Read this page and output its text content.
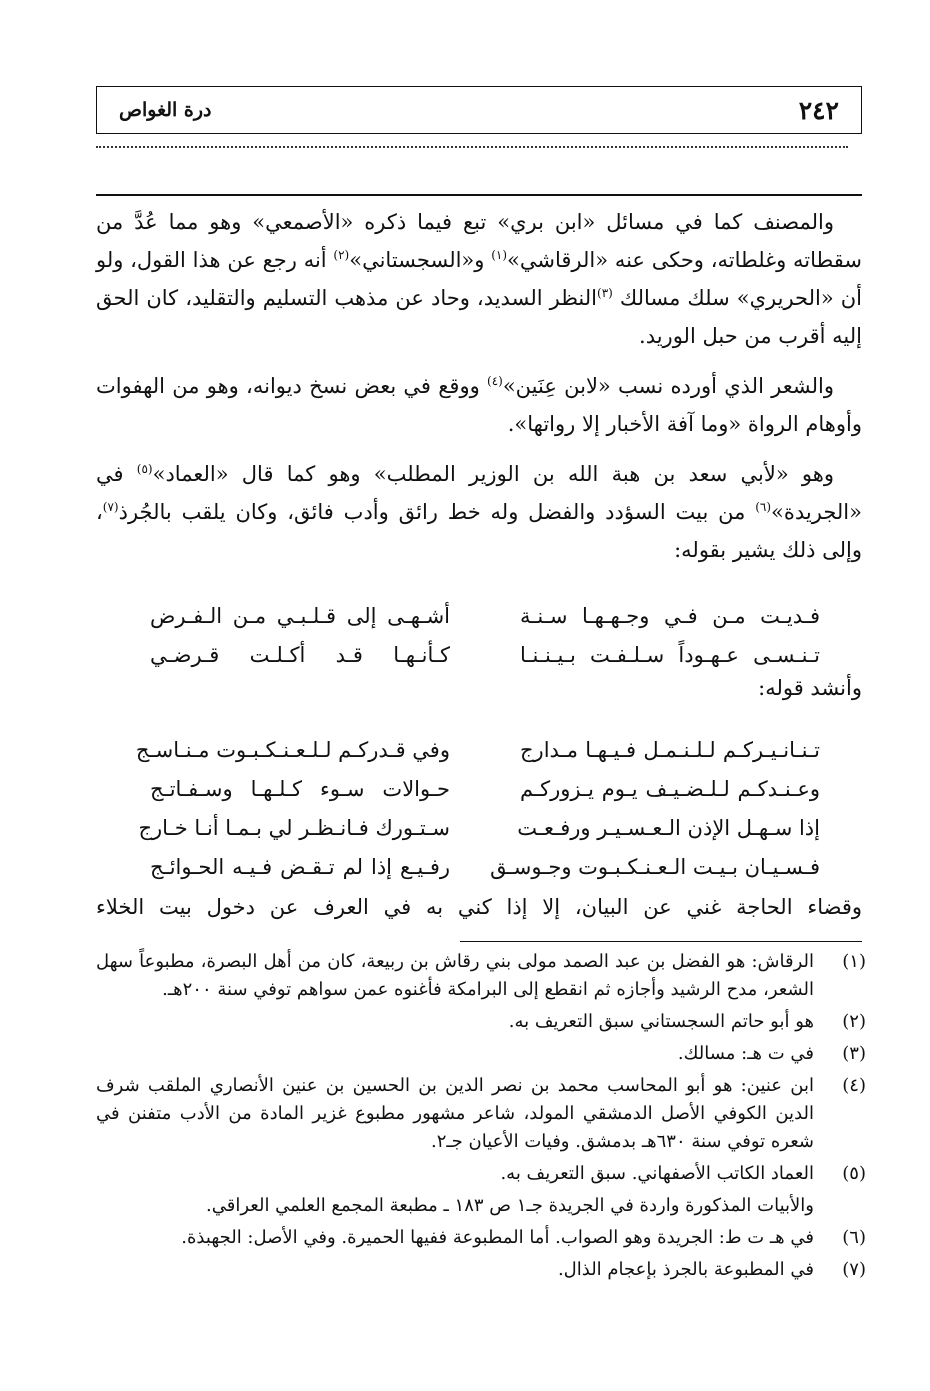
٢٤٢
درة الغواص

والمصنف كما في مسائل «ابن بري» تبع فيما ذكره «الأصمعي» وهو مما عُدَّ من سقطاته وغلطاته، وحكى عنه «الرقاشي»$^{(١)}$ و«السجستاني»$^{(٢)}$ أنه رجع عن هذا القول، ولو أن «الحريري» سلك مسالك $^{(٣)}$النظر السديد، وحاد عن مذهب التسليم والتقليد، كان الحق إليه أقرب من حبل الوريد.

والشعر الذي أورده نسب «لابن عِنَين»$^{(٤)}$ ووقع في بعض نسخ ديوانه، وهو من الهفوات وأوهام الرواة «وما آفة الأخبار إلا رواتها».

وهو «لأبي سعد بن هبة الله بن الوزير المطلب» وهو كما قال «العماد»$^{(٥)}$ في «الجريدة»$^{(٦)}$ من بيت السؤدد والفضل وله خط رائق وأدب فائق، وكان يلقب بالجُرذ$^{(٧)}$، وإلى ذلك يشير بقوله:

فـديـت مـن فـي وجـهـهـا سـنـة
أشـهـى إلى قـلـبـي مـن الـفـرض
تـنـسـى عـهـوداً سـلـفـت بـيـنـنـا
كـأنـهـا قـد أكـلـت قـرضـي
وأنشد قوله:
تـنـانـيـركـم لـلـنـمـل فـيـهـا مـدارج
وفي قـدركـم لـلـعـنـكـبـوت مـنـاسـج
وعـنـدكـم لـلـضـيـف يـوم يـزوركـم
حـوالات سـوء كـلـهـا وسـفـاتـج
إذا سـهـل الإذن الـعـسـيـر ورفـعـت
سـتـورك فـانـظـر لي بـمـا أنـا خـارج
فـسـيـان بـيـت الـعـنـكـبـوت وجـوسـق
رفـيـع إذا لم تـقـض فـيـه الحـوائـج
وقضاء الحاجة غني عن البيان، إلا إذا كني به في العرف عن دخول بيت الخلاء
(١)
الرقاش: هو الفضل بن عبد الصمد مولى بني رقاش بن ربيعة، كان من أهل البصرة، مطبوعاً سهل الشعر، مدح الرشيد وأجازه ثم انقطع إلى البرامكة فأغنوه عمن سواهم توفي سنة ٢٠٠هـ.
(٢)
هو أبو حاتم السجستاني سبق التعريف به.
(٣)
في ت هـ: مسالك.
(٤)
ابن عنين: هو أبو المحاسب محمد بن نصر الدين بن الحسين بن عنين الأنصاري الملقب شرف الدين الكوفي الأصل الدمشقي المولد، شاعر مشهور مطبوع غزير المادة من الأدب متفنن في شعره توفي سنة ٦٣٠هـ بدمشق. وفيات الأعيان جـ٢.
(٥)
العماد الكاتب الأصفهاني. سبق التعريف به.
والأبيات المذكورة واردة في الجريدة جـ١ ص ١٨٣ ـ مطبعة المجمع العلمي العراقي.
(٦)
في هـ ت ط: الجريدة وهو الصواب. أما المطبوعة ففيها الحميرة. وفي الأصل: الجهبذة.
(٧)
في المطبوعة بالجرذ بإعجام الذال.
